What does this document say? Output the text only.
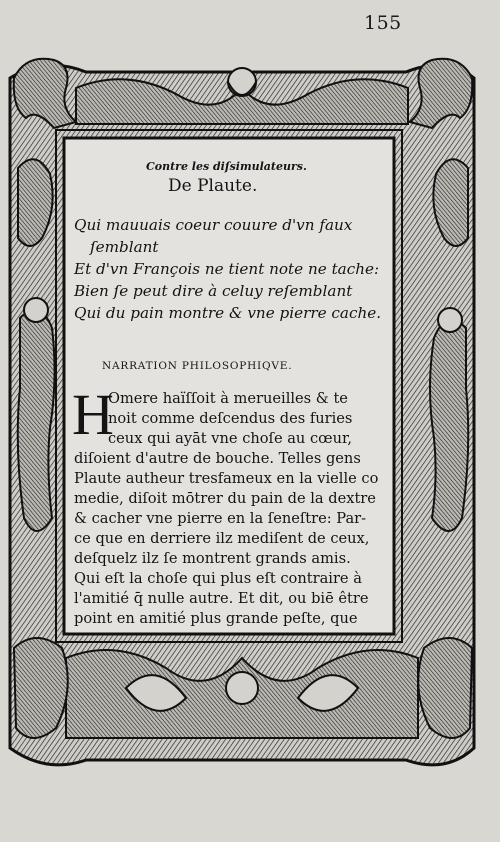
155
Contre les diſsimulateurs.
De Plaute.
Qui mauuais coeur couure d'vn faux
ſemblant
Et d'vn François ne tient note ne tache:
Bien ſe peut dire à celuy reſemblant
Qui du pain montre & vne pierre cache.
NARRATION PHILOSOPHIQVE.
H
Omere haïſſoit à merueilles & te
noit comme deſcendus des furies
ceux qui ayāt vne choſe au cœur,
diſoient d'autre de bouche. Telles gens
Plaute autheur tresfameux en la vielle co
medie, diſoit mōtrer du pain de la dextre
& cacher vne pierre en la ſeneſtre: Par-
ce que en derriere ilz mediſent de ceux,
deſquelz ilz ſe montrent grands amis.
Qui eſt la choſe qui plus eſt contraire à
l'amitié q̄ nulle autre. Et dit, ou biē être
point en amitié plus grande peſte, que
